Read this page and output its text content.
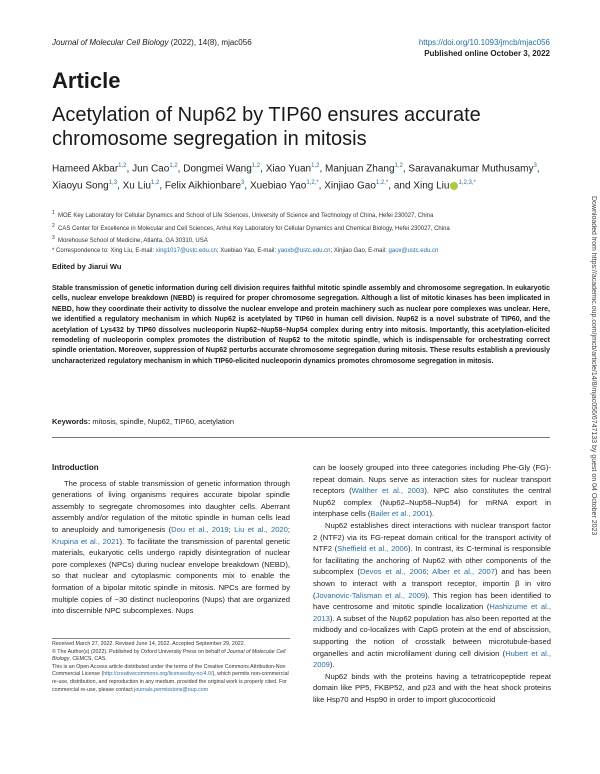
Journal of Molecular Cell Biology (2022), 14(8), mjac056	https://doi.org/10.1093/jmcb/mjac056
Published online October 3, 2022
Article
Acetylation of Nup62 by TIP60 ensures accurate chromosome segregation in mitosis
Hameed Akbar$^{1,2}$, Jun Cao$^{1,2}$, Dongmei Wang$^{1,2}$, Xiao Yuan$^{1,2}$, Manjuan Zhang$^{1,2}$, Saravanakumar Muthusamy$^3$, Xiaoyu Song$^{1,3}$, Xu Liu$^{1,2}$, Felix Aikhionbare$^3$, Xuebiao Yao$^{1,2,*}$, Xinjiao Gao$^{1,2,*}$, and Xing Liu $^{1,2,3,*}$
$^1$ MOE Key Laboratory for Cellular Dynamics and School of Life Sciences, University of Science and Technology of China, Hefei 230027, China
$^2$ CAS Center for Excellence in Molecular and Cell Sciences, Anhui Key Laboratory for Cellular Dynamics and Chemical Biology, Hefei 230027, China
$^3$ Morehouse School of Medicine, Atlanta, GA 30310, USA
* Correspondence to: Xing Liu, E-mail: xing1017@ustc.edu.cn; Xuebiao Yao, E-mail: yaoxb@ustc.edu.cn; Xinjiao Gao, E-mail: gaox@ustc.edu.cn
Edited by Jiarui Wu
Stable transmission of genetic information during cell division requires faithful mitotic spindle assembly and chromosome segregation. In eukaryotic cells, nuclear envelope breakdown (NEBD) is required for proper chromosome segregation. Although a list of mitotic kinases has been implicated in NEBD, how they coordinate their activity to dissolve the nuclear envelope and protein machinery such as nuclear pore complexes was unclear. Here, we identified a regulatory mechanism in which Nup62 is acetylated by TIP60 in human cell division. Nup62 is a novel substrate of TIP60, and the acetylation of Lys432 by TIP60 dissolves nucleoporin Nup62–Nup58–Nup54 complex during entry into mitosis. Importantly, this acetylation-elicited remodeling of nucleoporin complex promotes the distribution of Nup62 to the mitotic spindle, which is indispensable for orchestrating correct spindle orientation. Moreover, suppression of Nup62 perturbs accurate chromosome segregation during mitosis. These results establish a previously uncharacterized regulatory mechanism in which TIP60-elicited nucleoporin dynamics promotes chromosome segregation in mitosis.
Keywords: mitosis, spindle, Nup62, TIP60, acetylation
Introduction

The process of stable transmission of genetic information through generations of living organisms requires accurate bipolar spindle assembly to segregate chromosomes into daughter cells. Aberrant assembly and/or regulation of the mitotic spindle in human cells lead to aneuploidy and tumorigenesis (Dou et al., 2019; Liu et al., 2020; Krupina et al., 2021). To facilitate the transmission of parental genetic materials, eukaryotic cells undergo rapidly disintegration of nuclear pore complexes (NPCs) during nuclear envelope breakdown (NEBD), so that nuclear and cytoplasmic components mix to enable the formation of a bipolar mitotic spindle in mitosis. NPCs are formed by multiple copies of ~30 distinct nucleoporins (Nups) that are organized into discernible NPC subcomplexes. Nups

Received March 27, 2022. Revised June 14, 2022. Accepted September 29, 2022.
© The Author(s) (2022). Published by Oxford University Press on behalf of Journal of Molecular Cell Biology, CEMCS, CAS.
This is an Open Access article distributed under the terms of the Creative Commons Attribution-Non Commercial License (http://creativecommons.org/licenses/by-nc/4.0/), which permits non-commercial re-use, distribution, and reproduction in any medium, provided the original work is properly cited. For commercial re-use, please contact journals.permissions@oup.com

can be loosely grouped into three categories including Phe-Gly (FG)-repeat domain. Nups serve as interaction sites for nuclear transport receptors (Walther et al., 2003). NPC also constitutes the central Nup62 complex (Nup62–Nup58–Nup54) for mRNA export in interphase cells (Bailer et al., 2001).

Nup62 establishes direct interactions with nuclear transport factor 2 (NTF2) via its FG-repeat domain critical for the transport activity of NTF2 (Sheffield et al., 2006). In contrast, its C-terminal is responsible for facilitating the anchoring of Nup62 with other components of the subcomplex (Devos et al., 2006; Alber et al., 2007) and has been shown to interact with a transport receptor, importin β in vitro (Jovanovic-Talisman et al., 2009). This region has been identified to have centrosome and mitotic spindle localization (Hashizume et al., 2013). A subset of the Nup62 population has also been reported at the midbody and co-localizes with CapG protein at the end of abscission, supporting the notion of crosstalk between microtubule-based organelles and actin microfilament during cell division (Hubert et al., 2009).

Nup62 binds with the proteins having a tetratricopeptide repeat domain like PP5, FKBP52, and p23 and with the heat shock proteins like Hsp70 and Hsp90 in order to import glucocorticoid

Downloaded from https://academic.oup.com/jmcb/article/14/8/mjac056/6747133 by guest on 04 October 2023
